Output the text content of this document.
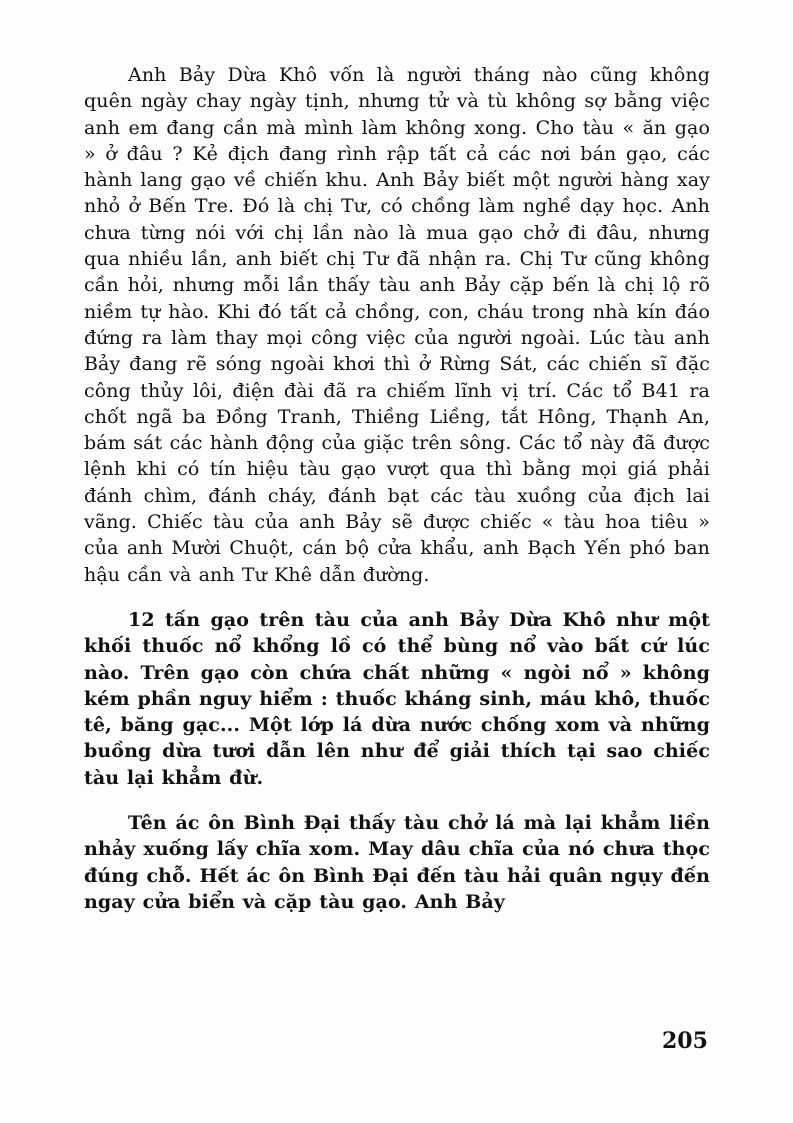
Anh Bảy Dừa Khô vốn là người tháng nào cũng không quên ngày chay ngày tịnh, nhưng tử và tù không sợ bằng việc anh em đang cần mà mình làm không xong. Cho tàu « ăn gạo » ở đâu ? Kẻ địch đang rình rập tất cả các nơi bán gạo, các hành lang gạo về chiến khu. Anh Bảy biết một người hàng xay nhỏ ở Bến Tre. Đó là chị Tư, có chồng làm nghề dạy học. Anh chưa từng nói với chị lần nào là mua gạo chở đi đâu, nhưng qua nhiều lần, anh biết chị Tư đã nhận ra. Chị Tư cũng không cần hỏi, nhưng mỗi lần thấy tàu anh Bảy cặp bến là chị lộ rõ niềm tự hào. Khi đó tất cả chồng, con, cháu trong nhà kín đáo đứng ra làm thay mọi công việc của người ngoài. Lúc tàu anh Bảy đang rẽ sóng ngoài khơi thì ở Rừng Sát, các chiến sĩ đặc công thủy lôi, điện đài đã ra chiếm lĩnh vị trí. Các tổ B41 ra chốt ngã ba Đồng Tranh, Thiềng Liềng, tắt Hông, Thạnh An, bám sát các hành động của giặc trên sông. Các tổ này đã được lệnh khi có tín hiệu tàu gạo vượt qua thì bằng mọi giá phải đánh chìm, đánh cháy, đánh bạt các tàu xuồng của địch lai vãng. Chiếc tàu của anh Bảy sẽ được chiếc « tàu hoa tiêu » của anh Mười Chuột, cán bộ cửa khẩu, anh Bạch Yến phó ban hậu cần và anh Tư Khê dẫn đường.

12 tấn gạo trên tàu của anh Bảy Dừa Khô như một khối thuốc nổ khổng lồ có thể bùng nổ vào bất cứ lúc nào. Trên gạo còn chứa chất những « ngòi nổ » không kém phần nguy hiểm : thuốc kháng sinh, máu khô, thuốc tê, băng gạc... Một lớp lá dừa nước chống xom và những buồng dừa tươi dẫn lên như để giải thích tại sao chiếc tàu lại khẳm đừ.

Tên ác ôn Bình Đại thấy tàu chở lá mà lại khẳm liền nhảy xuống lấy chĩa xom. May dâu chĩa của nó chưa thọc đúng chỗ. Hết ác ôn Bình Đại đến tàu hải quân ngụy đến ngay cửa biển và cặp tàu gạo. Anh Bảy

205
